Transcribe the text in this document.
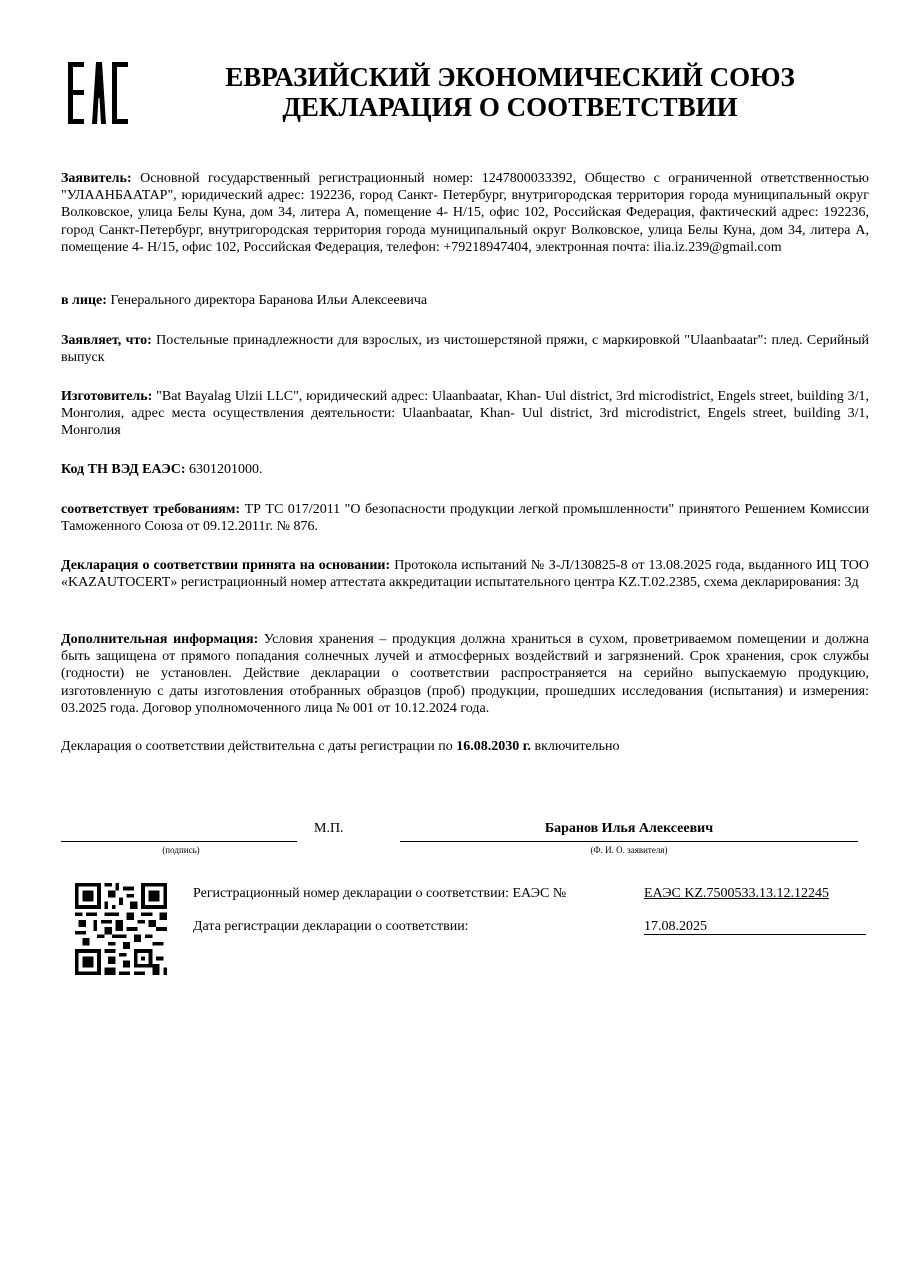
ЕВРАЗИЙСКИЙ ЭКОНОМИЧЕСКИЙ СОЮЗ
ДЕКЛАРАЦИЯ О СООТВЕТСТВИИ
Заявитель: Основной государственный регистрационный номер: 1247800033392, Общество с ограниченной ответственностью "УЛААНБААТАР", юридический адрес: 192236, город Санкт- Петербург, внутригородская территория города муниципальный округ Волковское, улица Белы Куна, дом 34, литера А, помещение 4- Н/15, офис 102, Российская Федерация, фактический адрес: 192236, город Санкт-Петербург, внутригородская территория города муниципальный округ Волковское, улица Белы Куна, дом 34, литера А, помещение 4- Н/15, офис 102, Российская Федерация, телефон: +79218947404, электронная почта: ilia.iz.239@gmail.com
в лице: Генерального директора Баранова Ильи Алексеевича
Заявляет, что: Постельные принадлежности для взрослых, из чистошерстяной пряжи, с маркировкой "Ulaanbaatar": плед. Серийный выпуск
Изготовитель: "Bat Bayalag Ulzii LLC", юридический адрес: Ulaanbaatar, Khan- Uul district, 3rd microdistrict, Engels street, building 3/1, Монголия, адрес места осуществления деятельности: Ulaanbaatar, Khan- Uul district, 3rd microdistrict, Engels street, building 3/1, Монголия
Код ТН ВЭД ЕАЭС: 6301201000.
соответствует требованиям: ТР ТС 017/2011 "О безопасности продукции легкой промышленности" принятого Решением Комиссии Таможенного Союза от 09.12.2011г. № 876.
Декларация о соответствии принята на основании: Протокола испытаний № З-Л/130825-8 от 13.08.2025 года, выданного ИЦ ТОО «KAZAUTOCERT» регистрационный номер аттестата аккредитации испытательного центра KZ.T.02.2385, схема декларирования: 3д
Дополнительная информация: Условия хранения – продукция должна храниться в сухом, проветриваемом помещении и должна быть защищена от прямого попадания солнечных лучей и атмосферных воздействий и загрязнений. Срок хранения, срок службы (годности) не установлен. Действие декларации о соответствии распространяется на серийно выпускаемую продукцию, изготовленную с даты изготовления отобранных образцов (проб) продукции, прошедших исследования (испытания) и измерения: 03.2025 года. Договор уполномоченного лица № 001 от 10.12.2024 года.
Декларация о соответствии действительна с даты регистрации по 16.08.2030 г. включительно
(подпись)
М.П.	Баранов Илья Алексеевич
(Ф. И. О. заявителя)
Регистрационный номер декларации о соответствии: ЕАЭС №	ЕАЭС KZ.7500533.13.12.12245
Дата регистрации декларации о соответствии:	17.08.2025
